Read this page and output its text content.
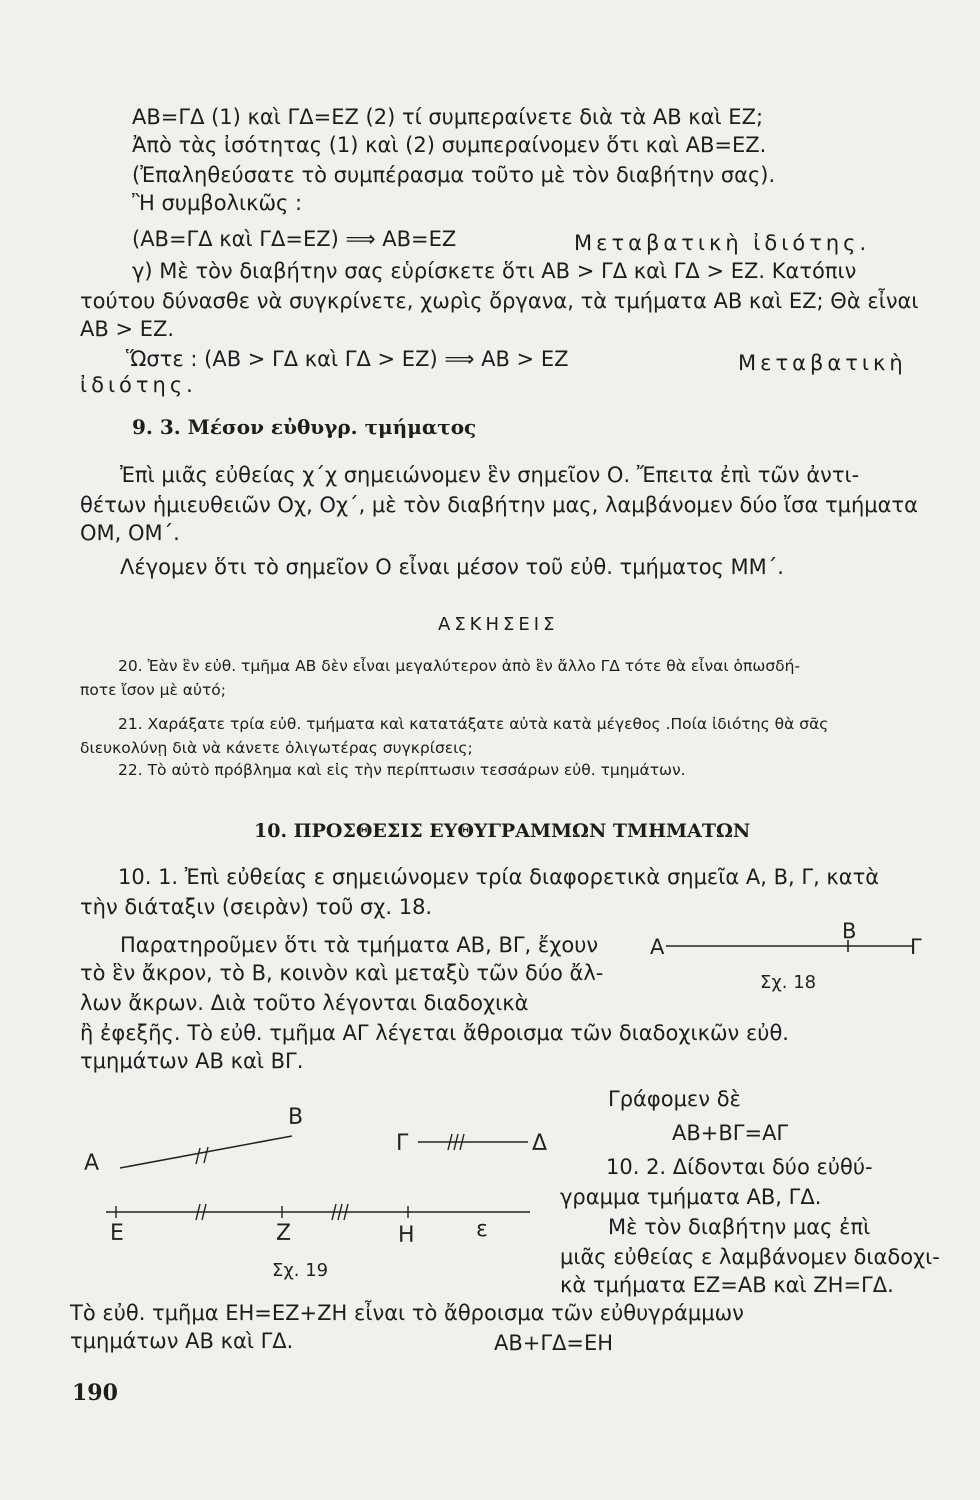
ΑΒ=ΓΔ (1) καὶ ΓΔ=ΕΖ (2) τί συμπεραίνετε διὰ τὰ ΑΒ καὶ ΕΖ;
Ἀπὸ τὰς ἰσότητας (1) καὶ (2) συμπεραίνομεν ὅτι καὶ ΑΒ=ΕΖ.
(Ἐπαληθεύσατε τὸ συμπέρασμα τοῦτο μὲ τὸν διαβήτην σας).
Ἢ συμβολικῶς :
(ΑΒ=ΓΔ καὶ ΓΔ=ΕΖ) ⟹ ΑΒ=ΕΖ	Μεταβατικὴ ἰδιότης.
γ) Μὲ τὸν διαβήτην σας εὑρίσκετε ὅτι ΑΒ > ΓΔ καὶ ΓΔ > ΕΖ. Κατόπιν
τούτου δύνασθε νὰ συγκρίνετε, χωρὶς ὄργανα, τὰ τμήματα ΑΒ καὶ ΕΖ; Θὰ εἶναι
ΑΒ > ΕΖ.
Ὥστε : (ΑΒ > ΓΔ καὶ ΓΔ > ΕΖ) ⟹ ΑΒ > ΕΖ	Μεταβατικὴ
ἰδιότης.
9. 3. Μέσον εὐθυγρ. τμήματος
Ἐπὶ μιᾶς εὐθείας χ΄χ σημειώνομεν ἓν σημεῖον Ο. Ἔπειτα ἐπὶ τῶν ἀντι-
θέτων ἡμιευθειῶν Οχ, Οχ΄, μὲ τὸν διαβήτην μας, λαμβάνομεν δύο ἴσα τμήματα
ΟΜ, ΟΜ΄.
Λέγομεν ὅτι τὸ σημεῖον Ο εἶναι μέσον τοῦ εὐθ. τμήματος ΜΜ΄.
ΑΣΚΗΣΕΙΣ
20. Ἐὰν ἓν εὐθ. τμῆμα ΑΒ δὲν εἶναι μεγαλύτερον ἀπὸ ἓν ἄλλο ΓΔ τότε θὰ εἶναι ὁπωσδή-
ποτε ἴσον μὲ αὐτό;
21. Χαράξατε τρία εὐθ. τμήματα καὶ κατατάξατε αὐτὰ κατὰ μέγεθος .Ποία ἰδιότης θὰ σᾶς
διευκολύνῃ διὰ νὰ κάνετε ὀλιγωτέρας συγκρίσεις;
22. Τὸ αὐτὸ πρόβλημα καὶ εἰς τὴν περίπτωσιν τεσσάρων εὐθ. τμημάτων.
10. ΠΡΟΣΘΕΣΙΣ ΕΥΘΥΓΡΑΜΜΩΝ ΤΜΗΜΑΤΩΝ
10. 1. Ἐπὶ εὐθείας ε σημειώνομεν τρία διαφορετικὰ σημεῖα Α, Β, Γ, κατὰ
τὴν διάταξιν (σειρὰν) τοῦ σχ. 18.
Παρατηροῦμεν ὅτι τὰ τμήματα ΑΒ, ΒΓ, ἔχουν
τὸ ἓν ἄκρον, τὸ Β, κοινὸν καὶ μεταξὺ τῶν δύο ἄλ-
λων ἄκρων. Διὰ τοῦτο λέγονται διαδοχικὰ
ἢ ἐφεξῆς. Τὸ εὐθ. τμῆμα ΑΓ λέγεται ἄθροισμα τῶν διαδοχικῶν εὐθ.
τμημάτων ΑΒ καὶ ΒΓ.
Α
Β
Γ
Σχ. 18
Γράφομεν δὲ
ΑΒ+ΒΓ=ΑΓ
Α
Β
Γ	Δ
Ε	Ζ	Η	ε
Σχ. 19
10. 2. Δίδονται δύο εὐθύ-
γραμμα τμήματα ΑΒ, ΓΔ.
Μὲ τὸν διαβήτην μας ἐπὶ
μιᾶς εὐθείας ε λαμβάνομεν διαδοχι-
κὰ τμήματα ΕΖ=ΑΒ καὶ ΖΗ=ΓΔ.
Τὸ εὐθ. τμῆμα ΕΗ=ΕΖ+ΖΗ εἶναι τὸ ἄθροισμα τῶν εὐθυγράμμων
τμημάτων ΑΒ καὶ ΓΔ.	ΑΒ+ΓΔ=ΕΗ
190
